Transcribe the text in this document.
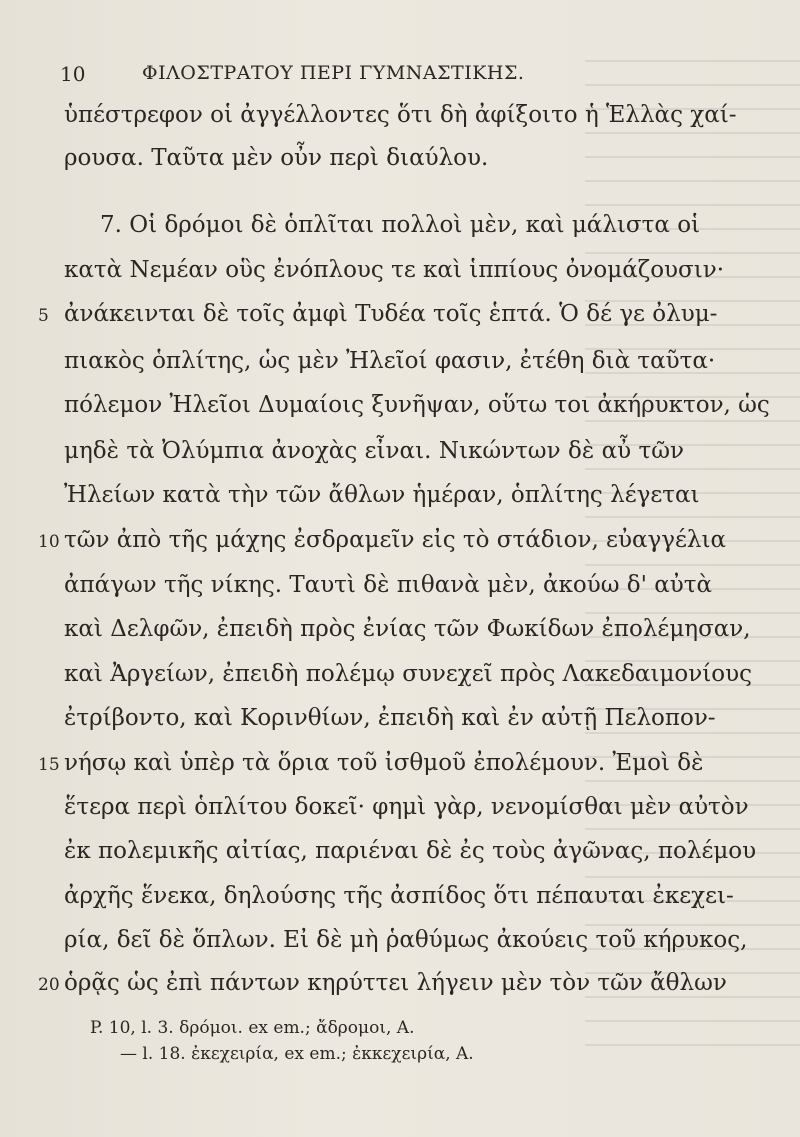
10	ΦΙΛΟΣΤΡΑΤΟΥ ΠΕΡΙ ΓΥΜΝΑΣΤΙΚΗΣ.
ὑπέστρεφον οἱ ἀγγέλλοντες ὅτι δὴ ἀφίξοιτο ἡ Ἑλλὰς χαί-
ρουσα. Ταῦτα μὲν οὖν περὶ διαύλου.
7. Οἱ δρόμοι δὲ ὁπλῖται πολλοὶ μὲν, καὶ μάλιστα οἱ
κατὰ Νεμέαν οὓς ἐνόπλους τε καὶ ἱππίους ὀνομάζουσιν·
ἀνάκεινται δὲ τοῖς ἀμφὶ Τυδέα τοῖς ἑπτά. Ὁ δέ γε ὀλυμ-
5
πιακὸς ὁπλίτης, ὡς μὲν Ἠλεῖοί φασιν, ἐτέθη διὰ ταῦτα·
πόλεμον Ἠλεῖοι Δυμαίοις ξυνῆψαν, οὕτω τοι ἀκήρυκτον, ὡς
μηδὲ τὰ Ὀλύμπια ἀνοχὰς εἶναι. Νικώντων δὲ αὖ τῶν
Ἠλείων κατὰ τὴν τῶν ἄθλων ἡμέραν, ὁπλίτης λέγεται
τῶν ἀπὸ τῆς μάχης ἐσδραμεῖν εἰς τὸ στάδιον, εὐαγγέλια
10
ἀπάγων τῆς νίκης. Ταυτὶ δὲ πιθανὰ μὲν, ἀκούω δ' αὐτὰ
καὶ Δελφῶν, ἐπειδὴ πρὸς ἐνίας τῶν Φωκίδων ἐπολέμησαν,
καὶ Ἀργείων, ἐπειδὴ πολέμῳ συνεχεῖ πρὸς Λακεδαιμονίους
ἐτρίβοντο, καὶ Κορινθίων, ἐπειδὴ καὶ ἐν αὐτῇ Πελοπον-
νήσῳ καὶ ὑπὲρ τὰ ὅρια τοῦ ἰσθμοῦ ἐπολέμουν. Ἐμοὶ δὲ
15
ἕτερα περὶ ὁπλίτου δοκεῖ· φημὶ γὰρ, νενομίσθαι μὲν αὐτὸν
ἐκ πολεμικῆς αἰτίας, παριέναι δὲ ἐς τοὺς ἀγῶνας, πολέμου
ἀρχῆς ἕνεκα, δηλούσης τῆς ἀσπίδος ὅτι πέπαυται ἐκεχει-
ρία, δεῖ δὲ ὅπλων. Εἰ δὲ μὴ ῥαθύμως ἀκούεις τοῦ κήρυκος,
ὁρᾷς ὡς ἐπὶ πάντων κηρύττει λήγειν μὲν τὸν τῶν ἄθλων
20
P. 10, l. 3. δρόμοι. ex em.; ἄδρομοι, A.
— l. 18. ἐκεχειρία, ex em.; ἐκκεχειρία, A.
